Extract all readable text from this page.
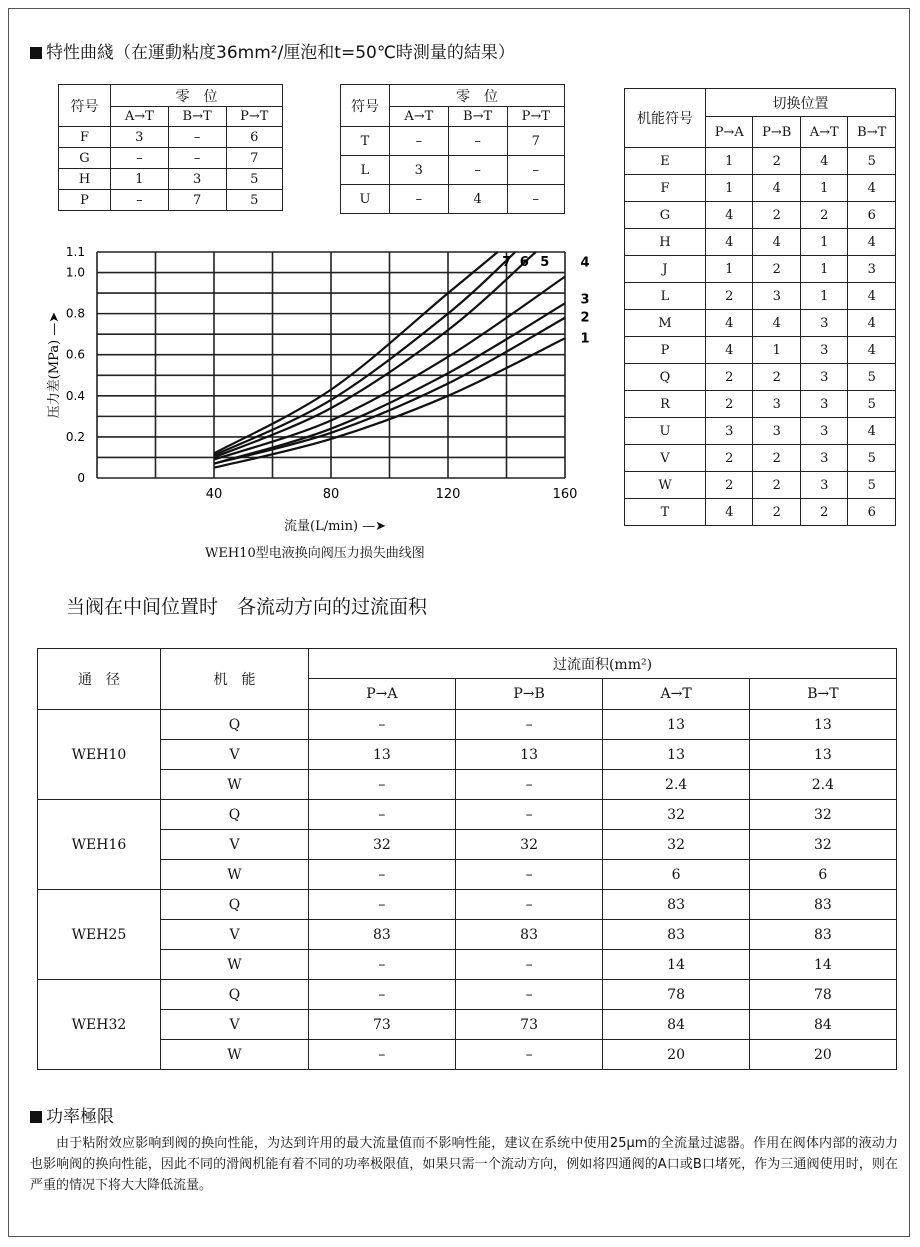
特性曲綫（在運動粘度36mm²/厘泡和t=50℃時測量的結果）
符号	零　位		
	A→T	B→T	P→T
F	3	–	6
G	–	–	7
H	1	3	5
P	–	7	5
符号	零　位		
	A→T	B→T	P→T
T	–	–	7
L	3	–	–
U	–	4	–
机能符号	切换位置			
	P→A	P→B	A→T	B→T
E	1	2	4	5
F	1	4	1	4
G	4	2	2	6
H	4	4	1	4
J	1	2	1	3
L	2	3	1	4
M	4	4	3	4
P	4	1	3	4
Q	2	2	3	5
R	2	3	3	5
U	3	3	3	4
V	2	2	3	5
W	2	2	3	5
T	4	2	2	6
40	80	120	160
0
0.2
0.4
0.6
0.8
1.0
1.1
压力差(MPa) —➤	1
2
3
4
5
6
7
流量(L/min) —➤
WEH10型电液换向阀压力损失曲线图
当阀在中间位置时　各流动方向的过流面积
通　径	机　能	过流面积(mm²)			
		P→A	P→B	A→T	B→T
WEH10	Q	–	–	13	13
	V	13	13	13	13
	W	–	–	2.4	2.4
WEH16	Q	–	–	32	32
	V	32	32	32	32
	W	–	–	6	6
WEH25	Q	–	–	83	83
	V	83	83	83	83
	W	–	–	14	14
WEH32	Q	–	–	78	78
	V	73	73	84	84
	W	–	–	20	20
功率極限
由于粘附效应影响到阀的换向性能，为达到许用的最大流量值而不影响性能，建议在系统中使用25μm的全流量过滤器。作用在阀体内部的液动力也影响阀的换向性能，因此不同的滑阀机能有着不同的功率极限值，如果只需一个流动方向，例如将四通阀的A口或B口堵死，作为三通阀使用时，则在严重的情况下将大大降低流量。
